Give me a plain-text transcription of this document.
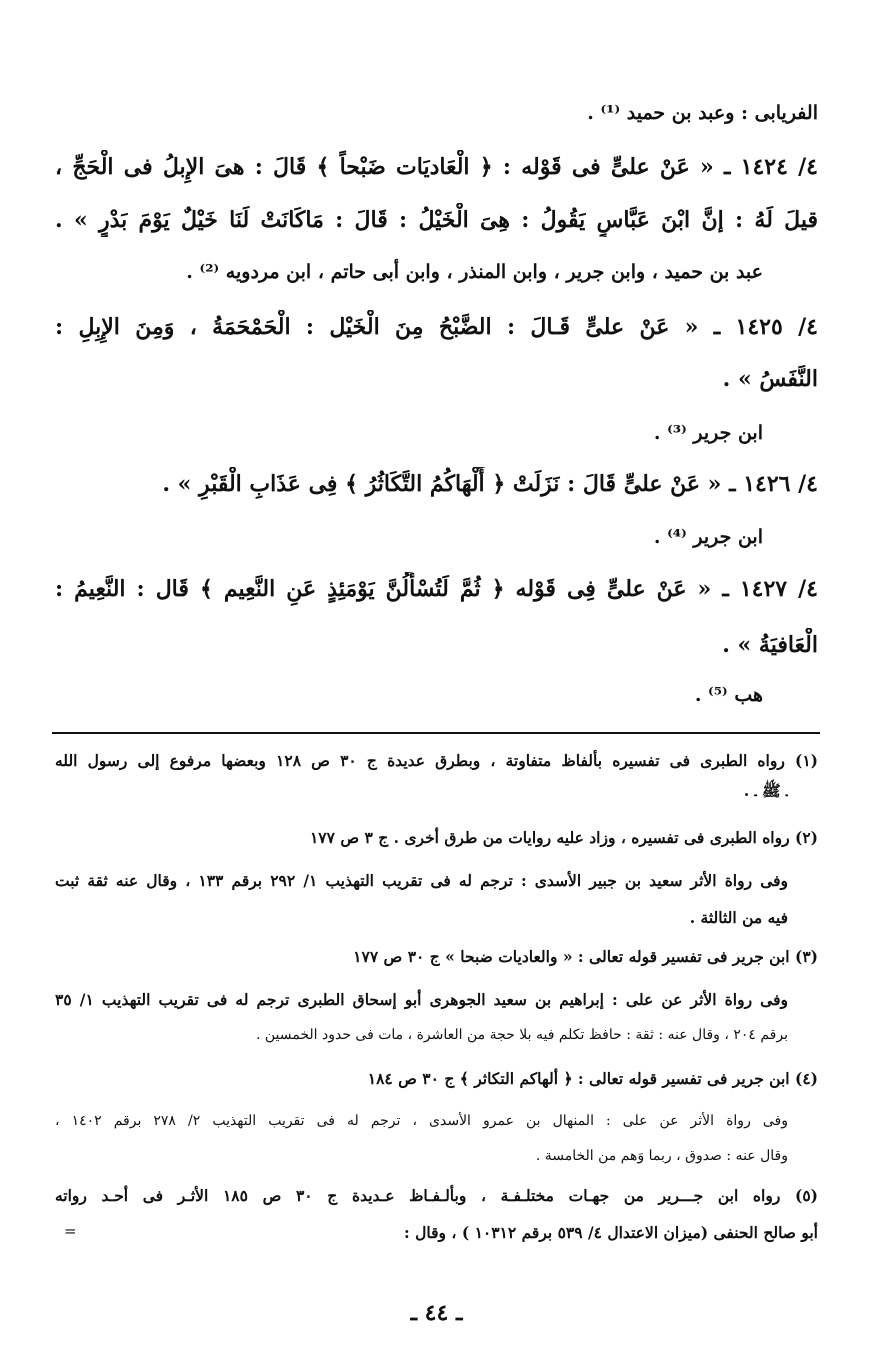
الفريابى : وعبد بن حميد ⁽¹⁾ .
٤/ ١٤٢٤ ـ « عَنْ علىٍّ فى قَوْله : ﴿ الْعَاديَات ضَبْحاً ﴾ قَالَ : هىَ الإِبلُ فى الْحَجِّ ،
قيلَ لَهُ : إنَّ ابْنَ عَبَّاسٍ يَقُولُ : هِىَ الْخَيْلُ : قَالَ : مَاكَانَتْ لَنَا خَيْلٌ يَوْمَ بَدْرٍ » .
عبد بن حميد ، وابن جرير ، وابن المنذر ، وابن أبى حاتم ، ابن مردويه ⁽²⁾ .
٤/ ١٤٢٥ ـ « عَنْ علىٍّ قَـالَ : الضَّبْحُ مِنَ الْخَيْل : الْحَمْحَمَةُ ، وَمِنَ الإِبِلِ :
النَّفَسُ » .
ابن جرير ⁽³⁾ .
٤/ ١٤٢٦ ـ « عَنْ علىٍّ قَالَ : نَزَلَتْ ﴿ أَلْهَاكُمُ التَّكَاثُرُ ﴾ فِى عَذَابِ الْقَبْرِ » .
ابن جرير ⁽⁴⁾ .
٤/ ١٤٢٧ ـ « عَنْ علىٍّ فِى قَوْله ﴿ ثُمَّ لَتُسْأَلُنَّ يَوْمَئِذٍ عَنِ النَّعِيم ﴾ قَال : النَّعِيمُ :
الْعَافيَةُ » .
هب ⁽⁵⁾ .
(١) رواه الطبرى فى تفسيره بألفاظ متفاوتة ، وبطرق عديدة ج ٣٠ ص ١٢٨ وبعضها مرفوع إلى رسول الله
ـ ﷺ ـ .
(٢) رواه الطبرى فى تفسيره ، وزاد عليه روايات من طرق أخرى . ج ٣ ص ١٧٧
وفى رواة الأثر سعيد بن جبير الأسدى : ترجم له فى تقريب التهذيب ١/ ٢٩٢ برقم ١٣٣ ، وقال عنه ثقة ثبت
فيه من الثالثة .
(٣) ابن جرير فى تفسير قوله تعالى : « والعاديات ضبحا » ج ٣٠ ص ١٧٧
وفى رواة الأثر عن على : إبراهيم بن سعيد الجوهرى أبو إسحاق الطبرى ترجم له فى تقريب التهذيب ١/ ٣٥
برقم ٢٠٤ ، وقال عنه : ثقة : حافظ تكلم فيه بلا حجة من العاشرة ، مات فى حدود الخمسين .
(٤) ابن جرير فى تفسير قوله تعالى : ﴿ ألهاكم التكاثر ﴾ ج ٣٠ ص ١٨٤
وفى رواة الأثر عن على : المنهال بن عمرو الأسدى ، ترجم له فى تقريب التهذيب ٢/ ٢٧٨ برقم ١٤٠٢ ،
وقال عنه : صدوق ، ربما وَهم من الخامسة .
(٥) رواه ابن جـــرير من جهـات مختلـفـة ، وبألـفـاظ عـديدة ج ٣٠ ص ١٨٥ الأثـر فى أحـد رواته
أبو صالح الحنفى (ميزان الاعتدال ٤/ ٥٣٩ برقم ١٠٣١٢ ) ، وقال :
=
ـ ٤٤ ـ
